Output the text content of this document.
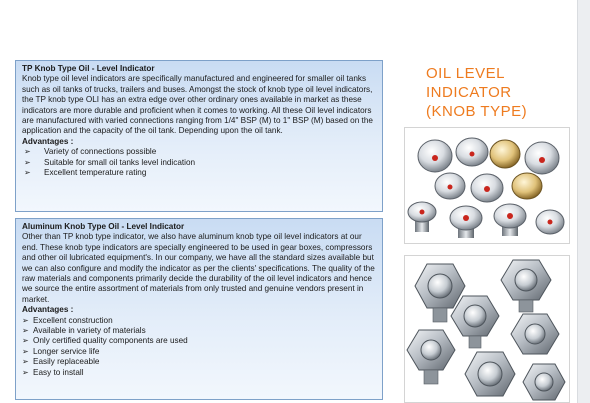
TP Knob Type Oil - Level Indicator

Knob type oil level indicators are specifically manufactured and engineered for smaller oil tanks such as oil tanks of trucks, trailers and buses. Amongst the stock of knob type oil level indicators, the TP knob type OLI has an extra edge over other ordinary ones available in market as these indicators are more durable and proficient when it comes to working. All these Oil level indicators are manufactured with varied connections ranging from 1/4" BSP (M) to 1" BSP (M) based on the application and the capacity of the oil tank. Depending upon the oil tank.

Advantages :
➢ Variety of connections possible
➢ Suitable for small oil tanks level indication
➢ Excellent temperature rating
Aluminum Knob Type Oil - Level Indicator

Other than TP knob type indicator, we also have aluminum knob type oil level indicators at our end. These knob type indicators are specially engineered to be used in gear boxes, compressors and other oil lubricated equipment's. In our company, we have all the standard sizes available but we can also configure and modify the indicator as per the clients' specifications. The quality of the raw materials and components primarily decide the durability of the oil level indicators and hence we source the entire assortment of materials from only trusted and genuine vendors present in market.

Advantages :
➢ Excellent construction
➢ Available in variety of materials
➢ Only certified quality components are used
➢ Longer service life
➢ Easily replaceable
➢ Easy to install
OIL LEVEL
INDICATOR
(KNOB TYPE)
